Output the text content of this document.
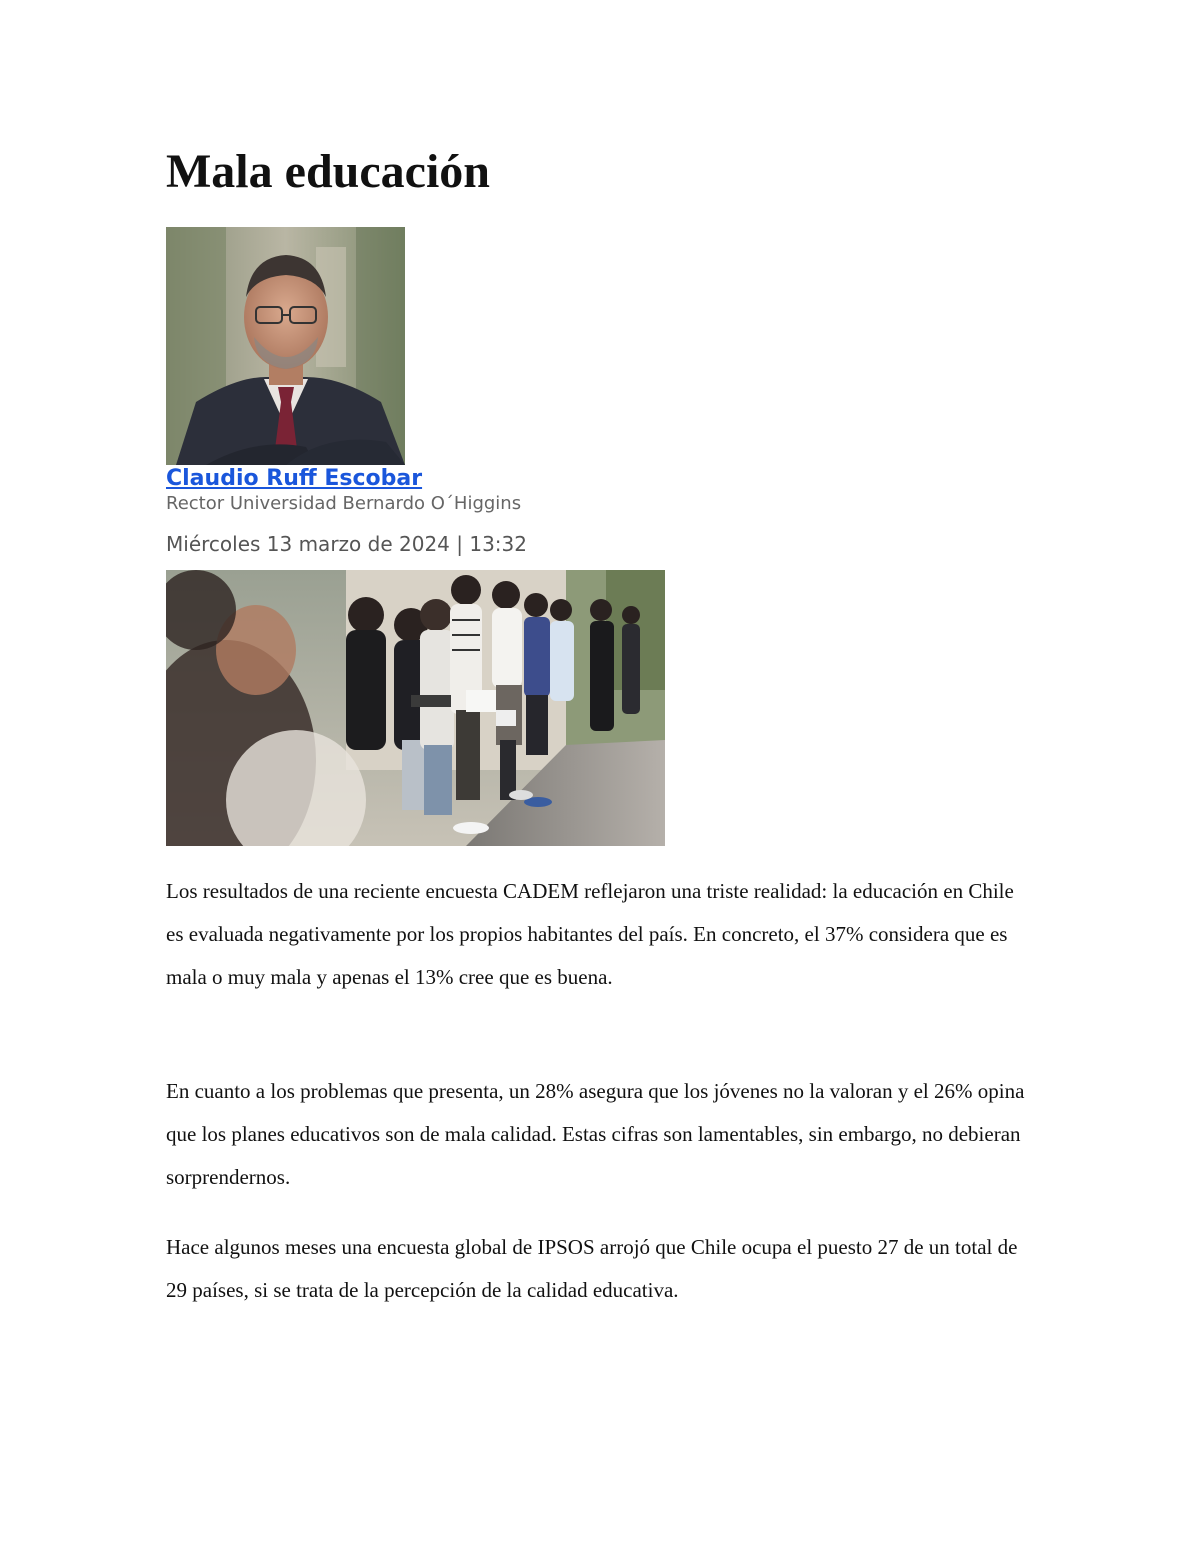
Mala educación
Claudio Ruff Escobar
Rector Universidad Bernardo O´Higgins
Miércoles 13 marzo de 2024 | 13:32

Los resultados de una reciente encuesta CADEM reflejaron una triste realidad: la educación en Chile es evaluada negativamente por los propios habitantes del país. En concreto, el 37% considera que es mala o muy mala y apenas el 13% cree que es buena.

En cuanto a los problemas que presenta, un 28% asegura que los jóvenes no la valoran y el 26% opina que los planes educativos son de mala calidad. Estas cifras son lamentables, sin embargo, no debieran sorprendernos.

Hace algunos meses una encuesta global de IPSOS arrojó que Chile ocupa el puesto 27 de un total de 29 países, si se trata de la percepción de la calidad educativa.
